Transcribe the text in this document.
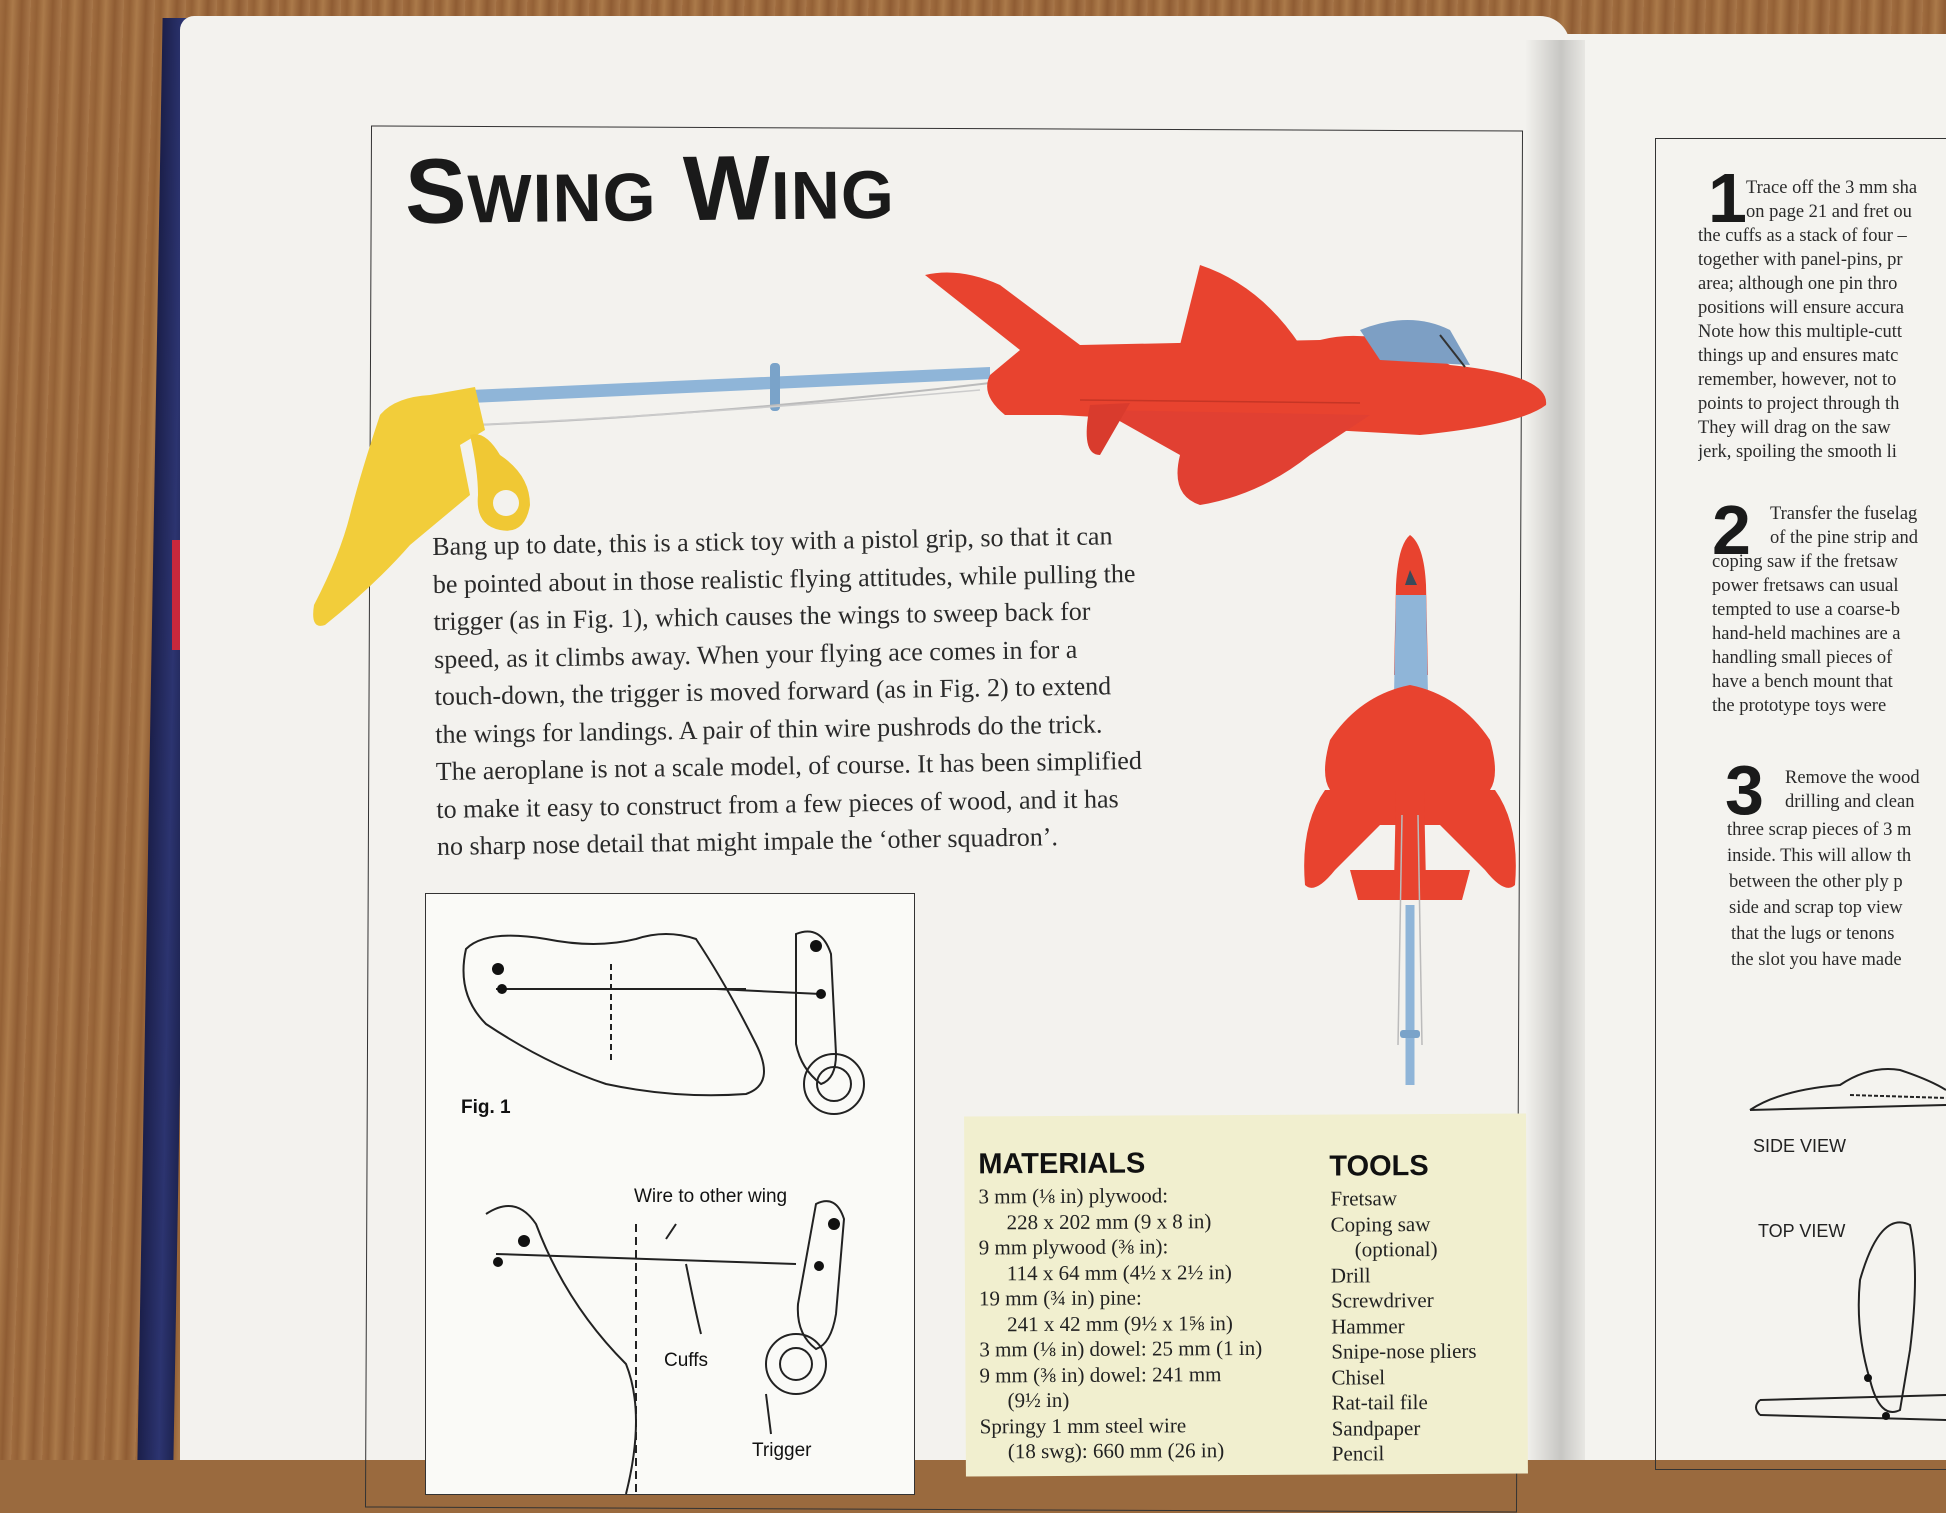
SWING WING
Bang up to date, this is a stick toy with a pistol grip, so that it can
be pointed about in those realistic flying attitudes, while pulling the
trigger (as in Fig. 1), which causes the wings to sweep back for
speed, as it climbs away. When your flying ace comes in for a
touch-down, the trigger is moved forward (as in Fig. 2) to extend
the wings for landings. A pair of thin wire pushrods do the trick.
The aeroplane is not a scale model, of course. It has been simplified
to make it easy to construct from a few pieces of wood, and it has
no sharp nose detail that might impale the ‘other squadron’.
Fig. 1
Wire to other wing
Cuffs
Trigger
MATERIALS
3 mm (⅛ in) plywood:
228 x 202 mm (9 x 8 in)
9 mm plywood (⅜ in):
114 x 64 mm (4½ x 2½ in)
19 mm (¾ in) pine:
241 x 42 mm (9½ x 1⅝ in)
3 mm (⅛ in) dowel: 25 mm (1 in)
9 mm (⅜ in) dowel: 241 mm
(9½ in)
Springy 1 mm steel wire
(18 swg): 660 mm (26 in)
TOOLS
Fretsaw
Coping saw
(optional)
Drill
Screwdriver
Hammer
Snipe-nose pliers
Chisel
Rat-tail file
Sandpaper
Pencil
1 Trace off the 3 mm sha
on page 21 and fret ou
the cuffs as a stack of four –
together with panel-pins, pr
area; although one pin thro
positions will ensure accura
Note how this multiple-cutt
things up and ensures matc
remember, however, not to
points to project through th
They will drag on the saw
jerk, spoiling the smooth li
2 Transfer the fuselag
of the pine strip and
coping saw if the fretsaw
power fretsaws can usual
tempted to use a coarse-b
hand-held machines are a
handling small pieces of
have a bench mount that
the prototype toys were
3 Remove the wood
drilling and clean
three scrap pieces of 3 m
inside. This will allow th
between the other ply p
side and scrap top view
that the lugs or tenons
the slot you have made
SIDE VIEW
TOP VIEW
